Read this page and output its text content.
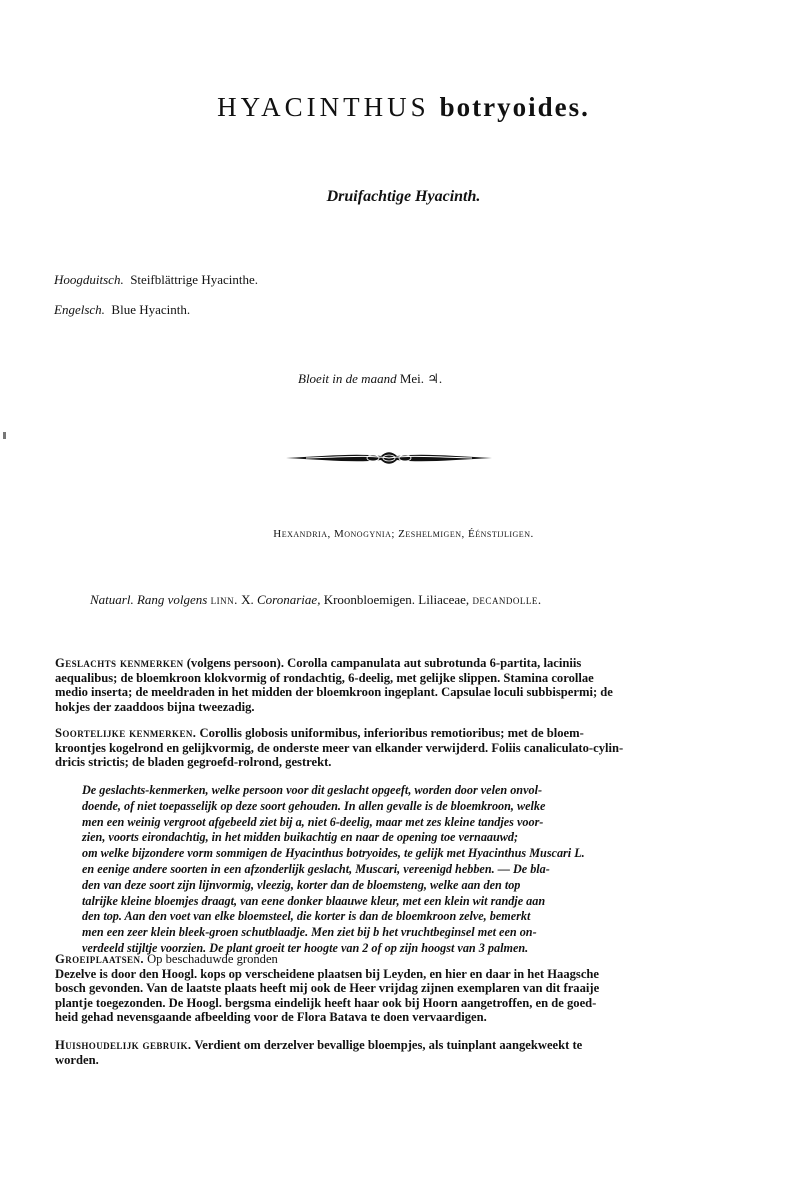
HYACINTHUS botryoides.
Druifachtige Hyacinth.
Hoogduitsch. Steifblättrige Hyacinthe.
Engelsch. Blue Hyacinth.
Bloeit in de maand Mei. ♃.
Hexandria, Monogynia; Zeshelmigen, Éénstijligen.
Natuarl. Rang volgens linn. X. Coronariae, Kroonbloemigen. Liliaceae, decandolle.
Geslachts kenmerken (volgens persoon). Corolla campanulata aut subrotunda 6-partita, laciniis
aequalibus; de bloemkroon klokvormig of rondachtig, 6-deelig, met gelijke slippen. Stamina corollae
medio inserta; de meeldraden in het midden der bloemkroon ingeplant. Capsulae loculi subbispermi; de
hokjes der zaaddoos bijna tweezadig.
Soortelijke kenmerken. Corollis globosis uniformibus, inferioribus remotioribus; met de bloem-
kroontjes kogelrond en gelijkvormig, de onderste meer van elkander verwijderd. Foliis canaliculato-cylin-
dricis strictis; de bladen gegroefd-rolrond, gestrekt.
De geslachts-kenmerken, welke persoon voor dit geslacht opgeeft, worden door velen onvol-
doende, of niet toepasselijk op deze soort gehouden. In allen gevalle is de bloemkroon, welke
men een weinig vergroot afgebeeld ziet bij a, niet 6-deelig, maar met zes kleine tandjes voor-
zien, voorts eirondachtig, in het midden buikachtig en naar de opening toe vernaauwd;
om welke bijzondere vorm sommigen de Hyacinthus botryoides, te gelijk met Hyacinthus Muscari L.
en eenige andere soorten in een afzonderlijk geslacht, Muscari, vereenigd hebben. — De bla-
den van deze soort zijn lijnvormig, vleezig, korter dan de bloemsteng, welke aan den top
talrijke kleine bloemjes draagt, van eene donker blaauwe kleur, met een klein wit randje aan
den top. Aan den voet van elke bloemsteel, die korter is dan de bloemkroon zelve, bemerkt
men een zeer klein bleek-groen schutblaadje. Men ziet bij b het vruchtbeginsel met een on-
verdeeld stijltje voorzien. De plant groeit ter hoogte van 2 of op zijn hoogst van 3 palmen.
Groeiplaatsen. Op beschaduwde gronden
Dezelve is door den Hoogl. kops op verscheidene plaatsen bij Leyden, en hier en daar in het Haagsche
bosch gevonden. Van de laatste plaats heeft mij ook de Heer vrijdag zijnen exemplaren van dit fraaije
plantje toegezonden. De Hoogl. bergsma eindelijk heeft haar ook bij Hoorn aangetroffen, en de goed-
heid gehad nevensgaande afbeelding voor de Flora Batava te doen vervaardigen.
Huishoudelijk gebruik. Verdient om derzelver bevallige bloempjes, als tuinplant aangekweekt te
worden.
